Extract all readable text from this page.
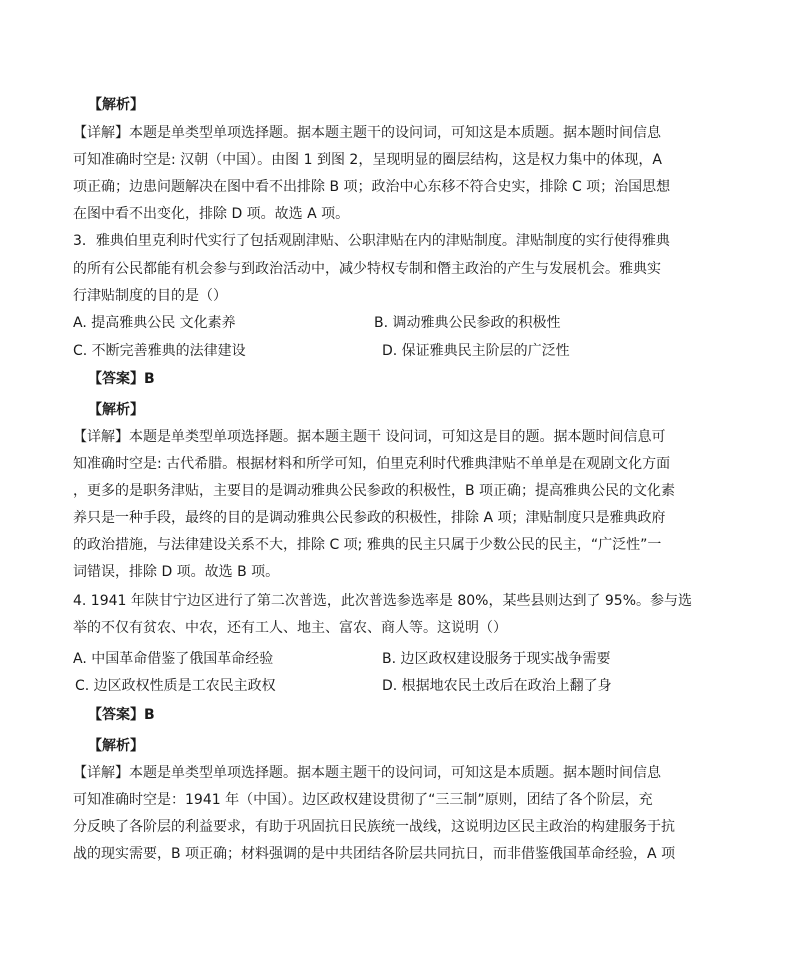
【解析】
【详解】本题是单类型单项选择题。据本题主题干的设问词，可知这是本质题。据本题时间信息
可知准确时空是: 汉朝（中国）。由图 1 到图 2，呈现明显的圈层结构，这是权力集中的体现，A
项正确；边患问题解决在图中看不出排除 B 项；政治中心东移不符合史实，排除 C 项；治国思想
在图中看不出变化，排除 D 项。故选 A 项。
3．雅典伯里克利时代实行了包括观剧津贴、公职津贴在内的津贴制度。津贴制度的实行使得雅典
的所有公民都能有机会参与到政治活动中，减少特权专制和僭主政治的产生与发展机会。雅典实
行津贴制度的目的是（）
A. 提高雅典公民 文化素养	B. 调动雅典公民参政的积极性
C. 不断完善雅典的法律建设	D. 保证雅典民主阶层的广泛性
【答案】B
【解析】
【详解】本题是单类型单项选择题。据本题主题干 设问词，可知这是目的题。据本题时间信息可
知准确时空是: 古代希腊。根据材料和所学可知，伯里克利时代雅典津贴不单单是在观剧文化方面
，更多的是职务津贴，主要目的是调动雅典公民参政的积极性，B 项正确；提高雅典公民的文化素
养只是一种手段，最终的目的是调动雅典公民参政的积极性，排除 A 项；津贴制度只是雅典政府
的政治措施，与法律建设关系不大，排除 C 项; 雅典的民主只属于少数公民的民主，“广泛性”一
词错误，排除 D 项。故选 B 项。
4. 1941 年陕甘宁边区进行了第二次普选，此次普选参选率是 80%，某些县则达到了 95%。参与选
举的不仅有贫农、中农，还有工人、地主、富农、商人等。这说明（）
A. 中国革命借鉴了俄国革命经验	B. 边区政权建设服务于现实战争需要
C. 边区政权性质是工农民主政权	D. 根据地农民土改后在政治上翻了身
【答案】B
【解析】
【详解】本题是单类型单项选择题。据本题主题干的设问词，可知这是本质题。据本题时间信息
可知准确时空是：1941 年（中国）。边区政权建设贯彻了“三三制”原则，团结了各个阶层，充
分反映了各阶层的利益要求，有助于巩固抗日民族统一战线，这说明边区民主政治的构建服务于抗
战的现实需要，B 项正确；材料强调的是中共团结各阶层共同抗日，而非借鉴俄国革命经验，A 项
